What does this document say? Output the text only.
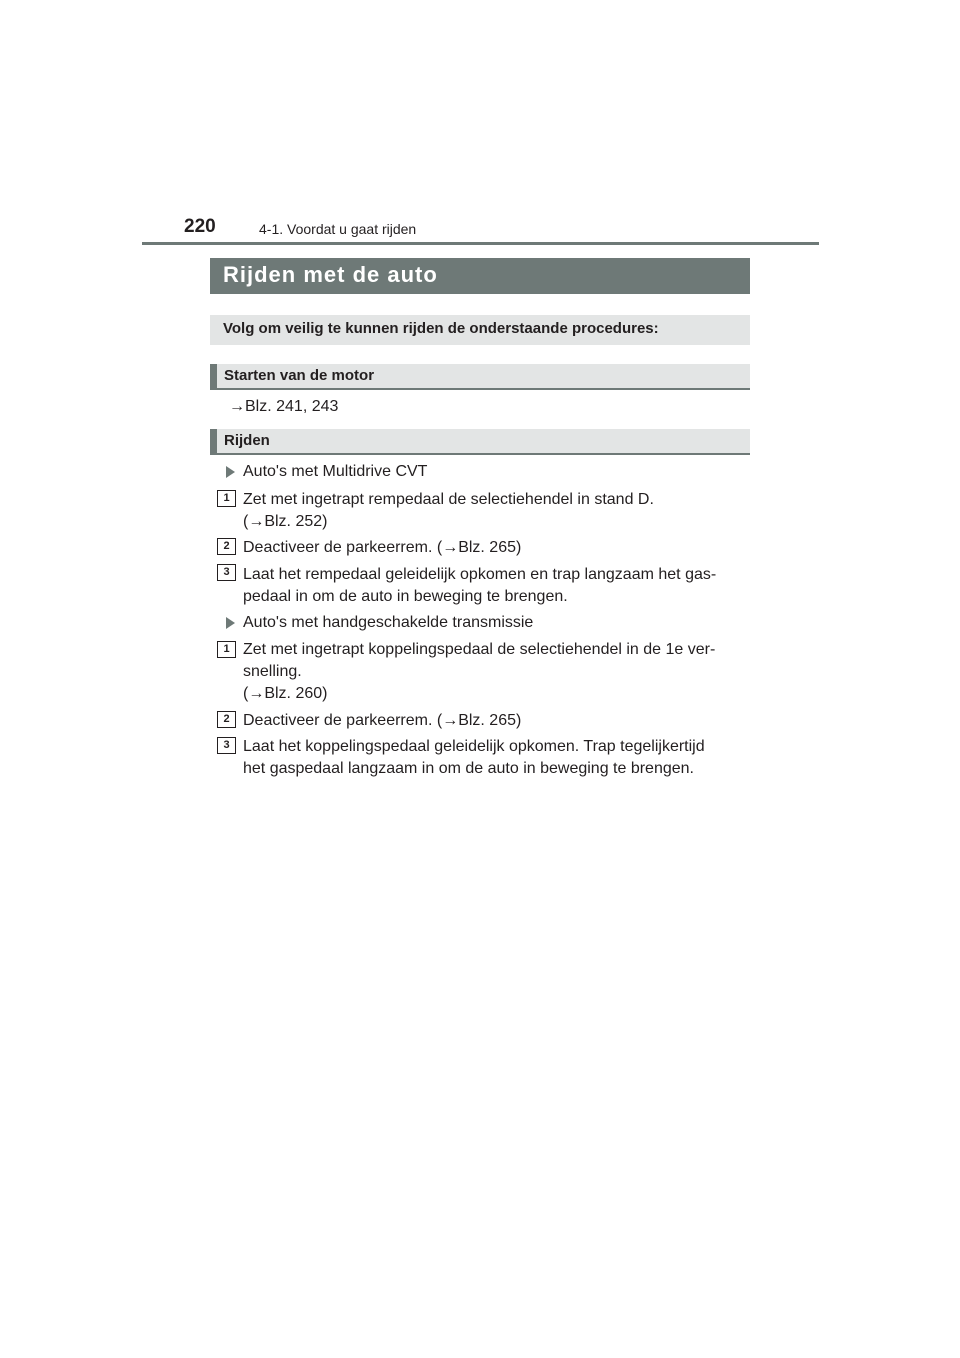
220	4-1. Voordat u gaat rijden
Rijden met de auto
Volg om veilig te kunnen rijden de onderstaande procedures:
Starten van de motor
→Blz. 241, 243
Rijden
Auto's met Multidrive CVT
1 Zet met ingetrapt rempedaal de selectiehendel in stand D.
(→Blz. 252)
2 Deactiveer de parkeerrem. (→Blz. 265)
3 Laat het rempedaal geleidelijk opkomen en trap langzaam het gas-
pedaal in om de auto in beweging te brengen.
Auto's met handgeschakelde transmissie
1 Zet met ingetrapt koppelingspedaal de selectiehendel in de 1e ver-
snelling.
(→Blz. 260)
2 Deactiveer de parkeerrem. (→Blz. 265)
3 Laat het koppelingspedaal geleidelijk opkomen. Trap tegelijkertijd
het gaspedaal langzaam in om de auto in beweging te brengen.
